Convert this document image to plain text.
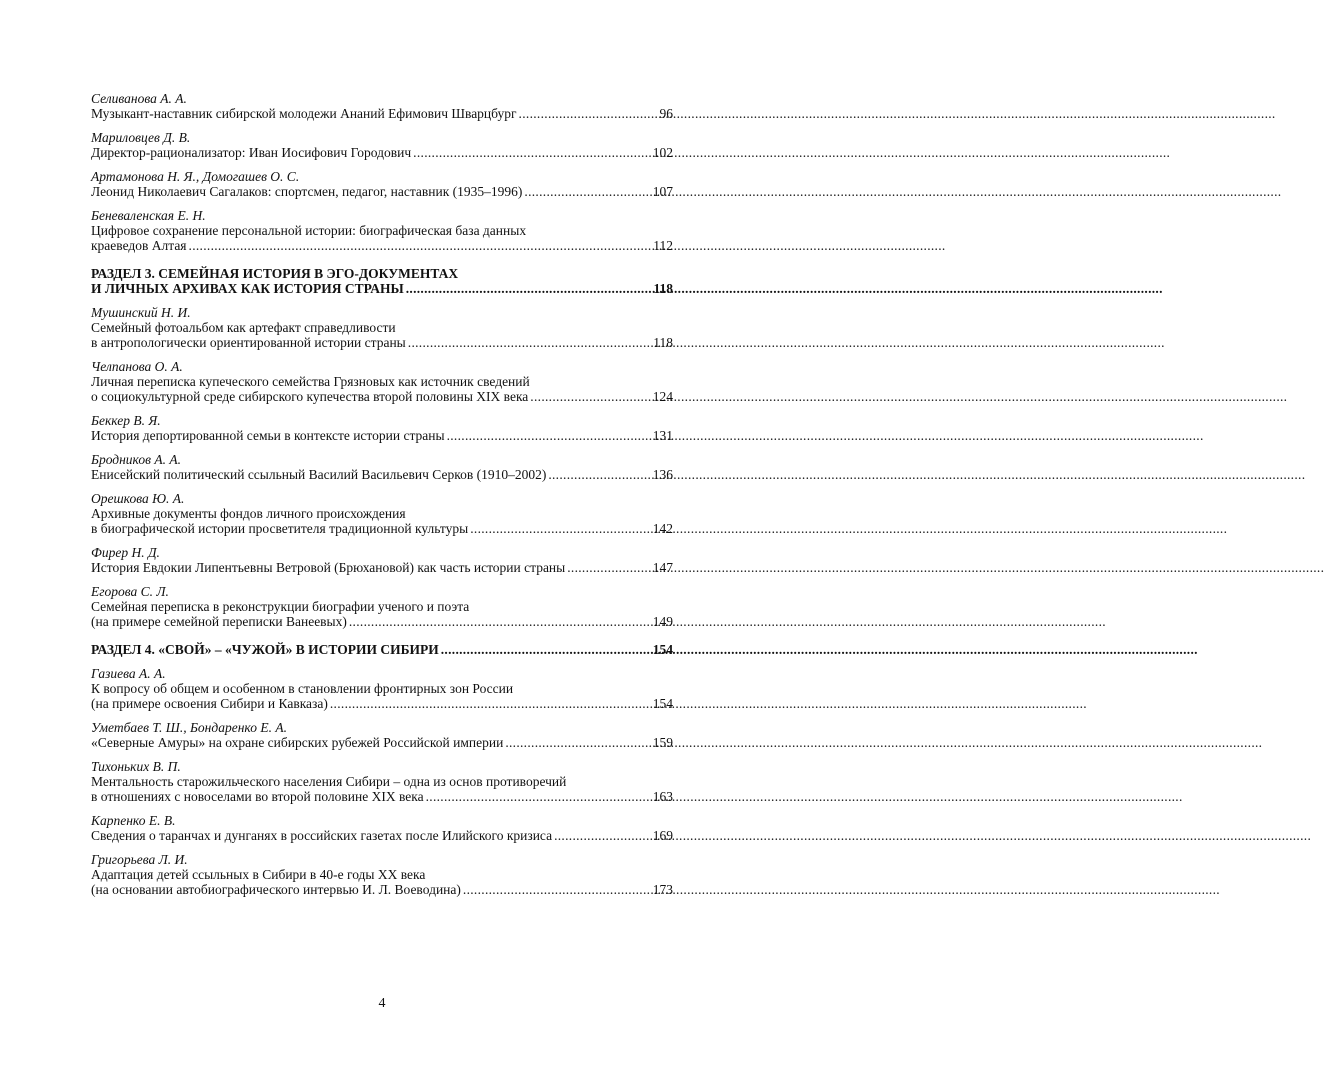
Селиванова А. А.
Музыкант-наставник сибирской молодежи Ананий Ефимович Шварцбург .....	96
Мариловцев Д. В.
Директор-рационализатор: Иван Иосифович Городович .....	102
Артамонова Н. Я., Домогашев О. С.
Леонид Николаевич Сагалаков: спортсмен, педагог, наставник (1935–1996) .....	107
Беневаленская Е. Н.
Цифровое сохранение персональной истории: биографическая база данных
краеведов Алтая .....	112
РАЗДЕЛ 3. СЕМЕЙНАЯ ИСТОРИЯ В ЭГО-ДОКУМЕНТАХ
И ЛИЧНЫХ АРХИВАХ КАК ИСТОРИЯ СТРАНЫ .....	118
Мушинский Н. И.
Семейный фотоальбом как артефакт справедливости
в антропологически ориентированной истории страны .....	118
Челпанова О. А.
Личная переписка купеческого семейства Грязновых как источник сведений
о социокультурной среде сибирского купечества второй половины XIX века .....	124
Беккер В. Я.
История депортированной семьи в контексте истории страны .....	131
Бродников А. А.
Енисейский политический ссыльный Василий Васильевич Серков (1910–2002) .....	136
Орешкова Ю. А.
Архивные документы фондов личного происхождения
в биографической истории просветителя традиционной культуры .....	142
Фирер Н. Д.
История Евдокии Липентьевны Ветровой (Брюхановой) как часть истории страны .....	147
Егорова С. Л.
Семейная переписка в реконструкции биографии ученого и поэта
(на примере семейной переписки Ванеевых) .....	149
РАЗДЕЛ 4. «СВОЙ» – «ЧУЖОЙ» В ИСТОРИИ СИБИРИ .....	154
Газиева А. А.
К вопросу об общем и особенном в становлении фронтирных зон России
(на примере освоения Сибири и Кавказа) .....	154
Уметбаев Т. Ш., Бондаренко Е. А.
«Северные Амуры» на охране сибирских рубежей Российской империи .....	159
Тихоньких В. П.
Ментальность старожильческого населения Сибири – одна из основ противоречий
в отношениях с новоселами во второй половине XIX века .....	163
Карпенко Е. В.
Сведения о таранчах и дунганях в российских газетах после Илийского кризиса .....	169
Григорьева Л. И.
Адаптация детей ссыльных в Сибири в 40-е годы XX века
(на основании автобиографического интервью И. Л. Воеводина) .....	173
4
